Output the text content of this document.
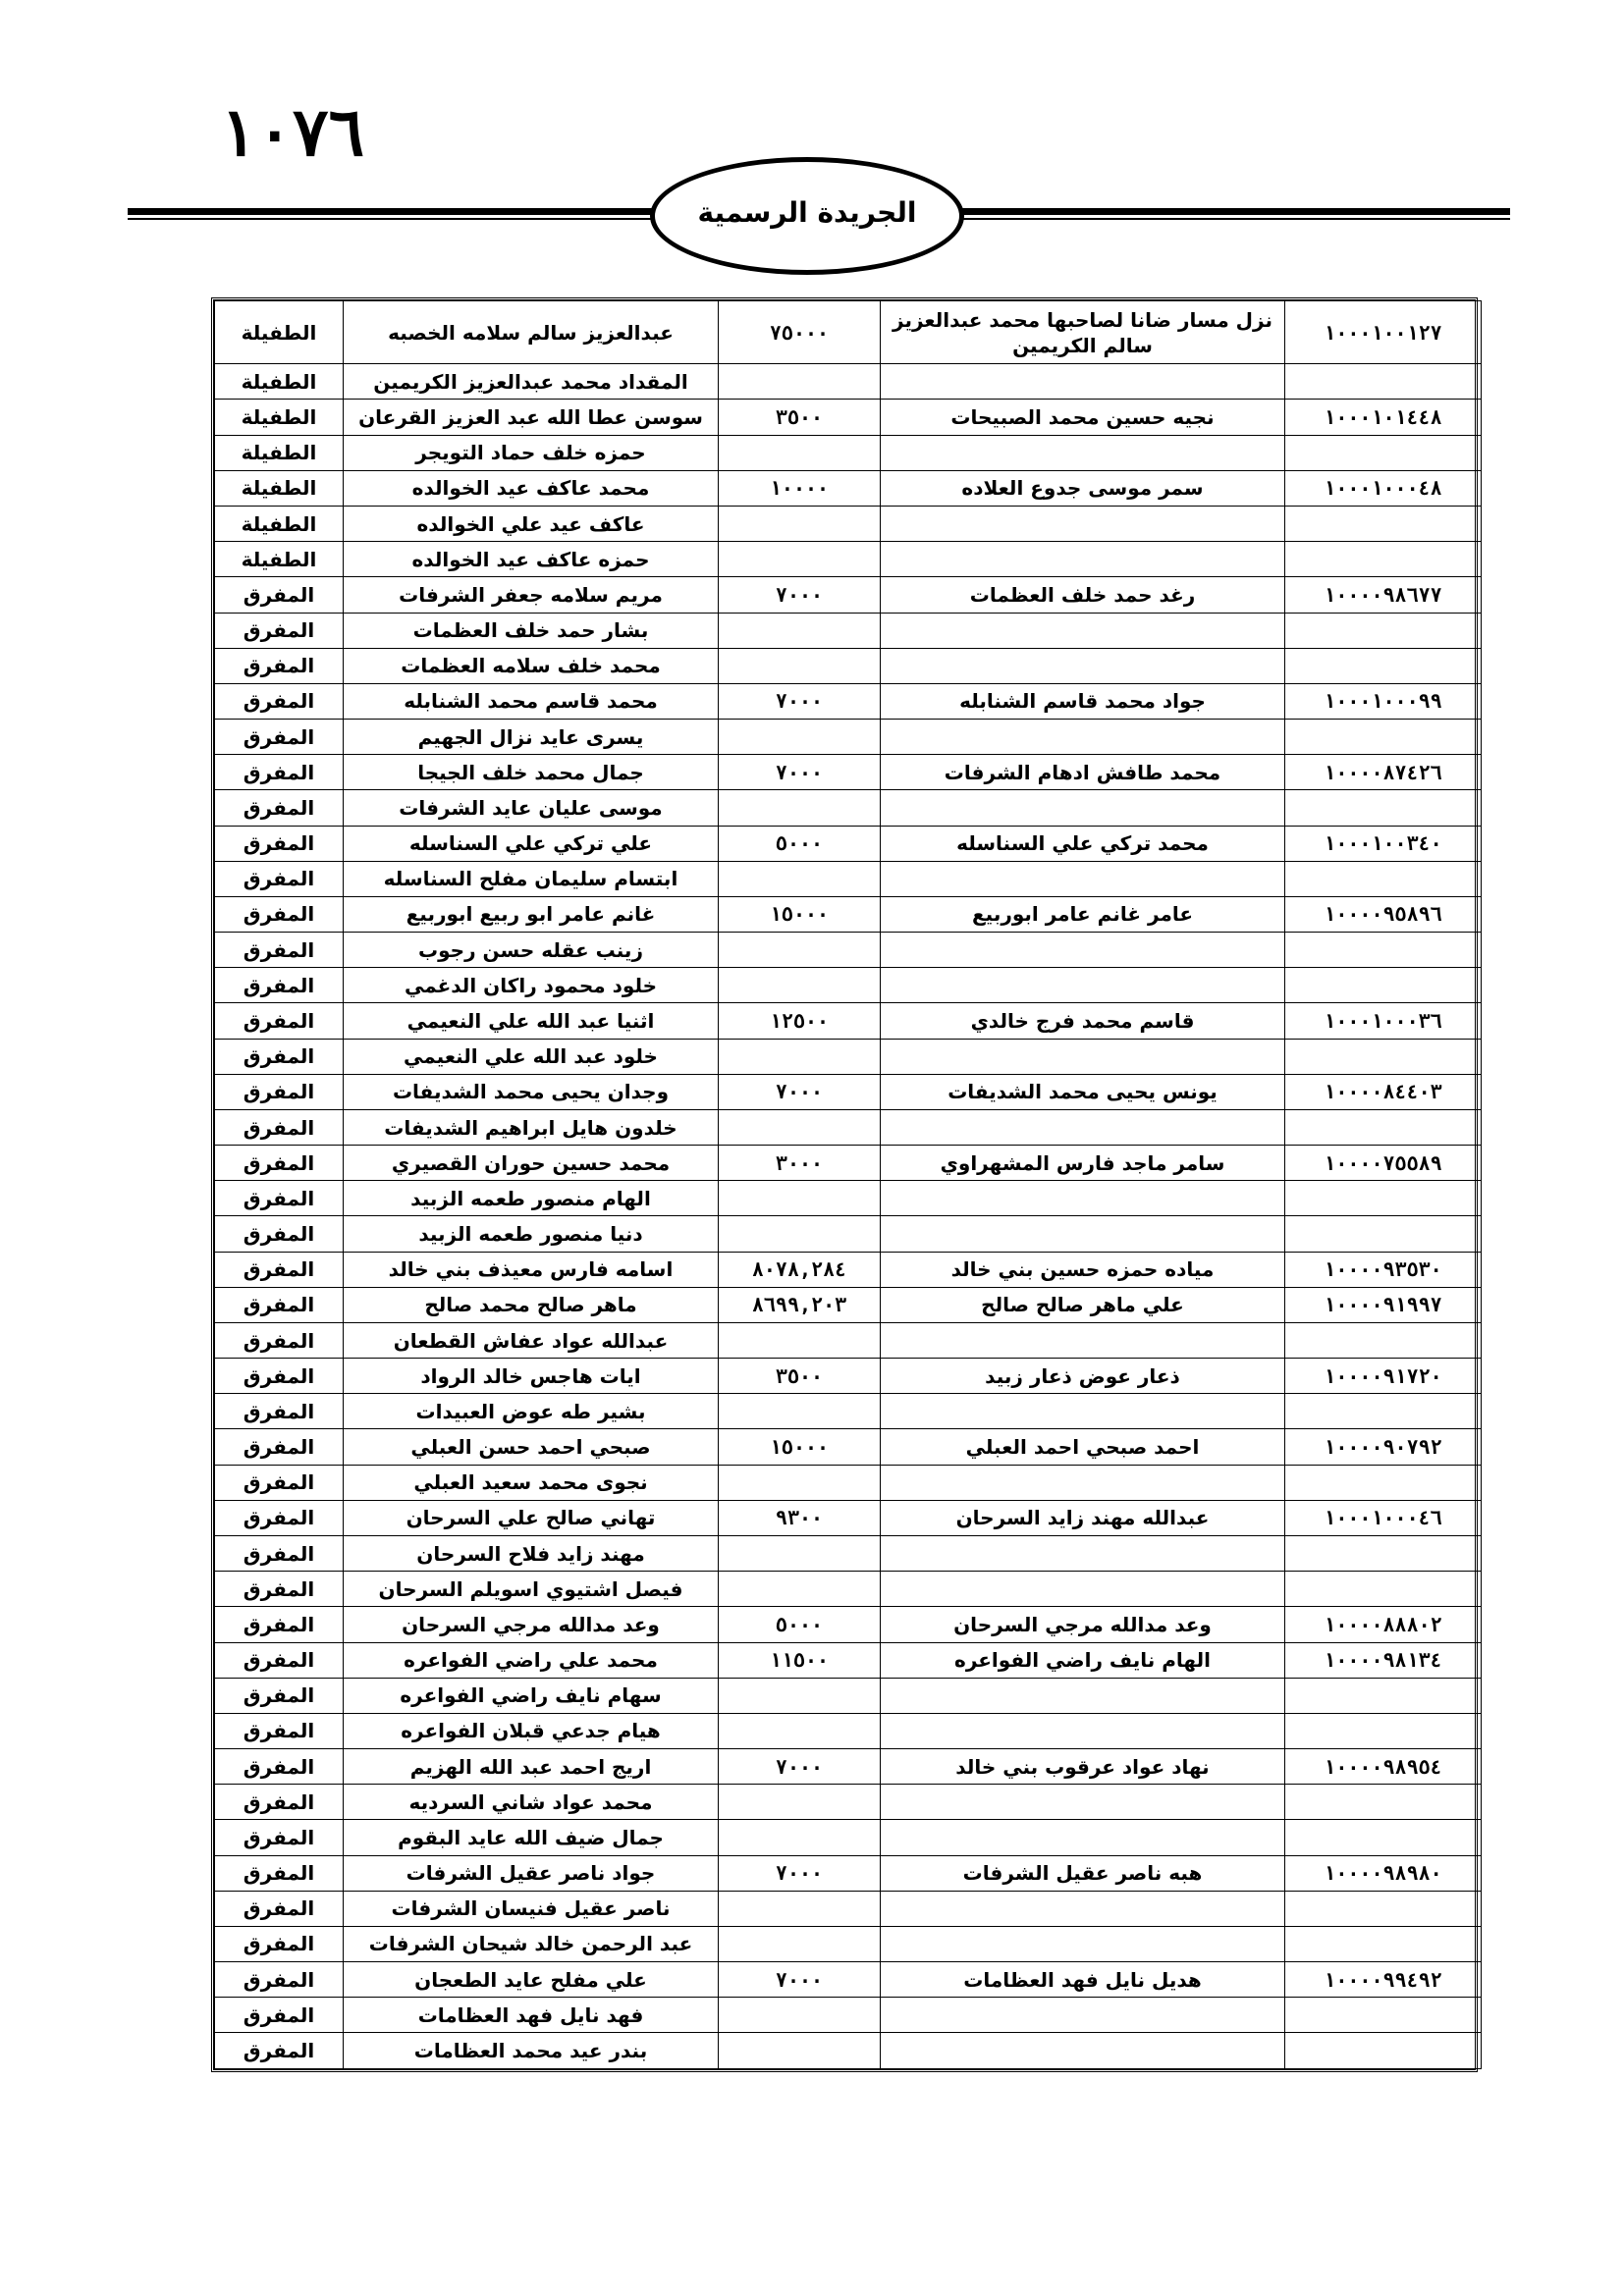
١٠٧٦
الجريدة الرسمية
١٠٠٠١٠٠١٢٧	نزل مسار ضانا لصاحبها محمد عبدالعزيز سالم الكريمين	٧٥٠٠٠	عبدالعزيز سالم سلامه الخصبه	الطفيلة
			المقداد محمد عبدالعزيز الكريمين	الطفيلة
١٠٠٠١٠١٤٤٨	نجيه حسين محمد الصبيحات	٣٥٠٠	سوسن عطا الله عبد العزيز القرعان	الطفيلة
			حمزه خلف حماد التويجر	الطفيلة
١٠٠٠١٠٠٠٤٨	سمر موسى جدوع العلاده	١٠٠٠٠	محمد عاكف عيد الخوالده	الطفيلة
			عاكف عيد علي الخوالده	الطفيلة
			حمزه عاكف عيد الخوالده	الطفيلة
١٠٠٠٠٩٨٦٧٧	رغد حمد خلف العظمات	٧٠٠٠	مريم سلامه جعفر الشرفات	المفرق
			بشار حمد خلف العظمات	المفرق
			محمد خلف سلامه العظمات	المفرق
١٠٠٠١٠٠٠٩٩	جواد محمد قاسم الشنابله	٧٠٠٠	محمد قاسم محمد الشنابله	المفرق
			يسرى عايد نزال الجهيم	المفرق
١٠٠٠٠٨٧٤٢٦	محمد طافش ادهام الشرفات	٧٠٠٠	جمال محمد خلف الجيجا	المفرق
			موسى عليان عايد الشرفات	المفرق
١٠٠٠١٠٠٣٤٠	محمد تركي علي السناسله	٥٠٠٠	علي تركي علي السناسله	المفرق
			ابتسام سليمان مفلح السناسله	المفرق
١٠٠٠٠٩٥٨٩٦	عامر غانم عامر ابوربيع	١٥٠٠٠	غانم عامر ابو ربيع ابوربيع	المفرق
			زينب عقله حسن رجوب	المفرق
			خلود محمود راكان الدغمي	المفرق
١٠٠٠١٠٠٠٣٦	قاسم محمد فرج خالدي	١٢٥٠٠	اثنيا عبد الله علي النعيمي	المفرق
			خلود عبد الله علي النعيمي	المفرق
١٠٠٠٠٨٤٤٠٣	يونس يحيى محمد الشديفات	٧٠٠٠	وجدان يحيى محمد الشديفات	المفرق
			خلدون هايل ابراهيم الشديفات	المفرق
١٠٠٠٠٧٥٥٨٩	سامر ماجد فارس المشهراوي	٣٠٠٠	محمد حسين حوران القصيري	المفرق
			الهام منصور طعمه الزبيد	المفرق
			دنيا منصور طعمه الزبيد	المفرق
١٠٠٠٠٩٣٥٣٠	مياده حمزه حسين بني خالد	٨٠٧٨,٢٨٤	اسامه فارس معيذف بني خالد	المفرق
١٠٠٠٠٩١٩٩٧	علي ماهر صالح صالح	٨٦٩٩,٢٠٣	ماهر صالح محمد صالح	المفرق
			عبدالله عواد عفاش القطعان	المفرق
١٠٠٠٠٩١٧٢٠	ذعار عوض ذعار زبيد	٣٥٠٠	ايات هاجس خالد الرواد	المفرق
			بشير طه عوض العبيدات	المفرق
١٠٠٠٠٩٠٧٩٢	احمد صبحي احمد العبلي	١٥٠٠٠	صبحي احمد حسن العبلي	المفرق
			نجوى محمد سعيد العبلي	المفرق
١٠٠٠١٠٠٠٤٦	عبدالله مهند زايد السرحان	٩٣٠٠	تهاني صالح علي السرحان	المفرق
			مهند زايد فلاح السرحان	المفرق
			فيصل اشتيوي اسويلم السرحان	المفرق
١٠٠٠٠٨٨٨٠٢	وعد مدالله مرجي السرحان	٥٠٠٠	وعد مدالله مرجي السرحان	المفرق
١٠٠٠٠٩٨١٣٤	الهام نايف راضي الفواعره	١١٥٠٠	محمد علي راضي الفواعره	المفرق
			سهام نايف راضي الفواعره	المفرق
			هيام جدعي قبلان الفواعره	المفرق
١٠٠٠٠٩٨٩٥٤	نهاد عواد عرقوب بني خالد	٧٠٠٠	اريج احمد عبد الله الهزيم	المفرق
			محمد عواد شاني السرديه	المفرق
			جمال ضيف الله عايد البقوم	المفرق
١٠٠٠٠٩٨٩٨٠	هبه ناصر عقيل الشرفات	٧٠٠٠	جواد ناصر عقيل الشرفات	المفرق
			ناصر عقيل فنيسان الشرفات	المفرق
			عبد الرحمن خالد شيحان الشرفات	المفرق
١٠٠٠٠٩٩٤٩٢	هديل نايل فهد العظامات	٧٠٠٠	علي مفلح عايد الطعجان	المفرق
			فهد نايل فهد العظامات	المفرق
			بندر عيد محمد العظامات	المفرق
